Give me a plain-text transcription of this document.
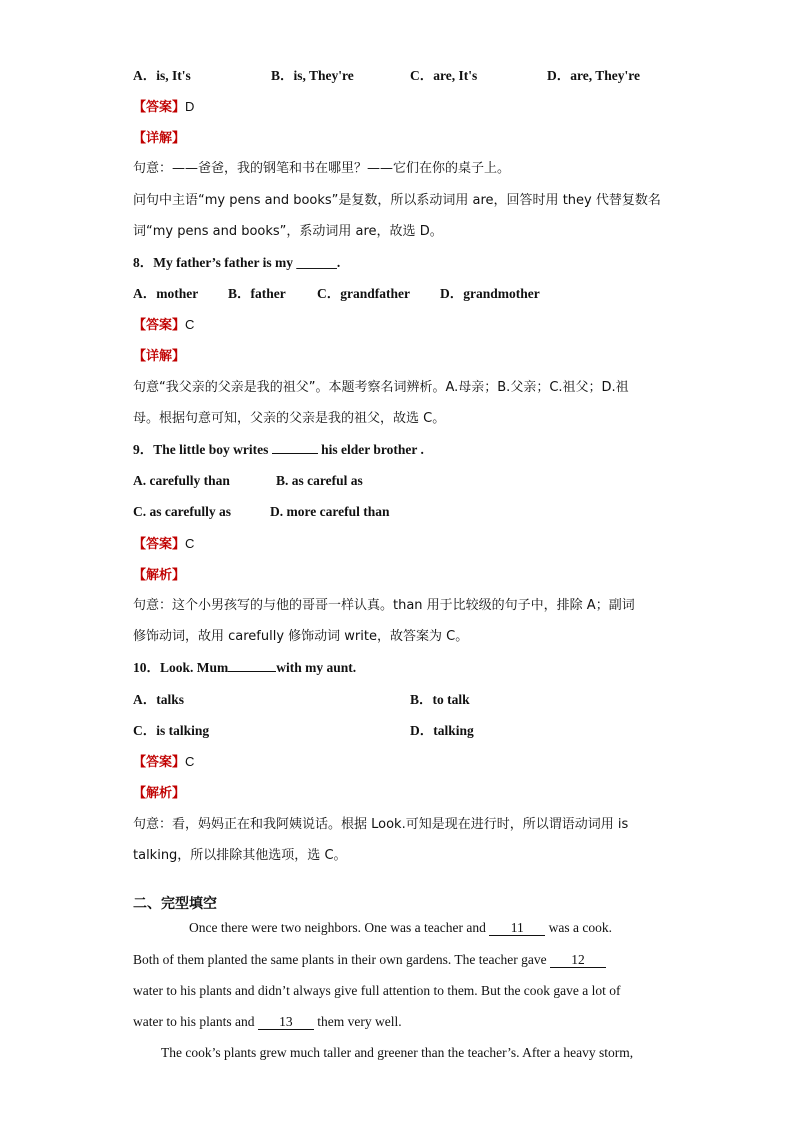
A．is, It's	B．is, They're	C．are, It's	D．are, They're
【答案】D
【详解】
句意：——爸爸，我的钢笔和书在哪里？——它们在你的桌子上。
问句中主语“my pens and books”是复数，所以系动词用 are，回答时用 they 代替复数名
词“my pens and books”，系动词用 are，故选 D。
8．My father’s father is my ______.
A．mother B．father C．grandfather D．grandmother
【答案】C
【详解】
句意“我父亲的父亲是我的祖父”。本题考察名词辨析。A.母亲；B.父亲；C.祖父；D.祖
母。根据句意可知，父亲的父亲是我的祖父，故选 C。
9．The little boy writes	his elder brother .
A. carefully than	B. as careful as
C. as carefully as	D. more careful than
【答案】C
【解析】
句意：这个小男孩写的与他的哥哥一样认真。than 用于比较级的句子中，排除 A；副词
修饰动词，故用 carefully 修饰动词 write，故答案为 C。
10．Look. Mum	with my aunt.
A．talks	B．to talk
C．is talking	D．talking
【答案】C
【解析】
句意：看，妈妈正在和我阿姨说话。根据 Look.可知是现在进行时，所以谓语动词用 is
talking，所以排除其他选项，选 C。
二、完型填空
Once there were two neighbors. One was a teacher and 11 was a cook.
Both of them planted the same plants in their own gardens. The teacher gave 12
water to his plants and didn’t always give full attention to them. But the cook gave a lot of
water to his plants and 13 them very well.
The cook’s plants grew much taller and greener than the teacher’s. After a heavy storm,
